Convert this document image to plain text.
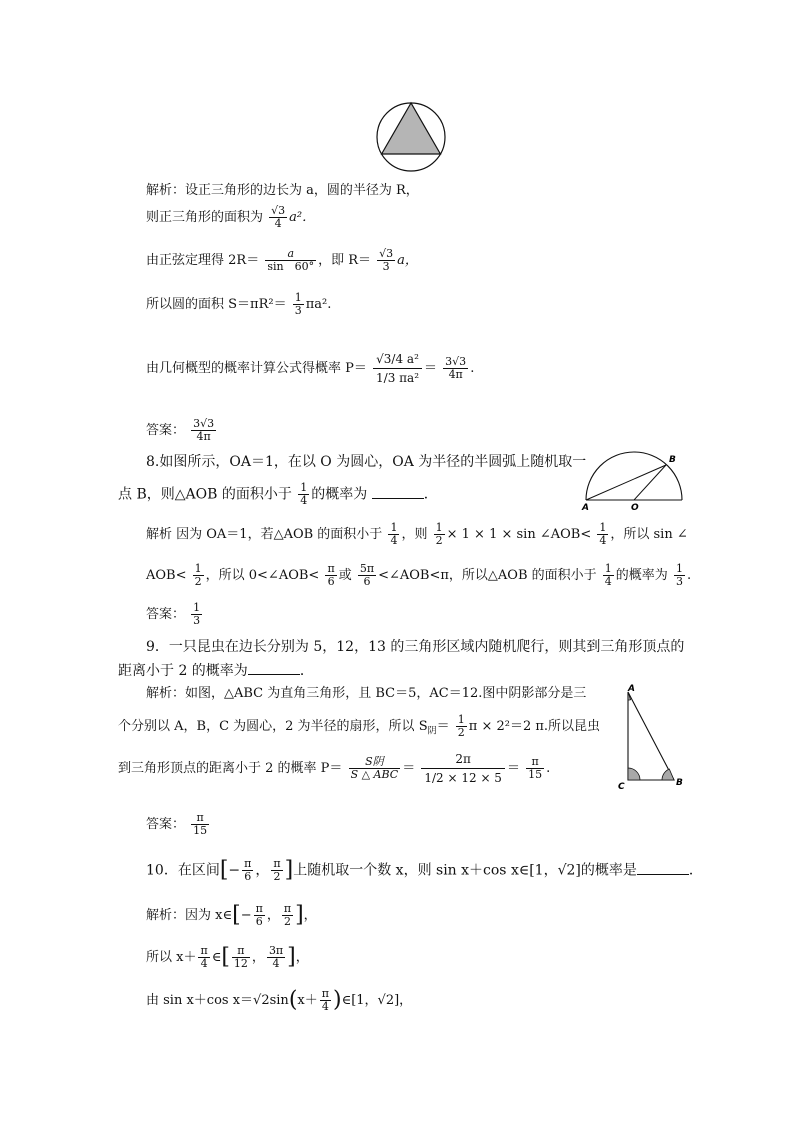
解析：设正三角形的边长为 a，圆的半径为 R，
则正三角形的面积为 $\frac{√3}{4} a^2$．
由正弦定理得 $2R= \frac{a}{\sin 60^\circ}$ ，即 $R= \frac{√3}{3}$ a，
所以圆的面积 $S=\pi R^2= \frac{1}{3} \pi a^2$.
由几何概型的概率计算公式得概率 $P= \frac{\text{√3/4 a²}}{\text{1/3 πa²}} = \frac{3√3}{4\pi}$ .
答案： $\frac{3√3}{4\pi}$
8.如图所示，OA＝1，在以 O 为圆心，OA 为半径的半圆弧上随机取一
点 B，则△AOB 的面积小于 $\frac{1}{4}$ 的概率为	．
A	O
B
解析 因为 OA＝1，若△AOB 的面积小于 $\frac{1}{4}$ ，则 $\frac{1}{2} \times 1 \times 1 \times \sin$ ∠AOB< $\frac{1}{4}$ ，所以 sin ∠
$AOB< \frac{1}{2}$ ，所以 0<∠AOB< $\frac{\pi}{6}$ 或 $\frac{5\pi}{6}$ <∠AOB<π，所以△AOB 的面积小于 $\frac{1}{4}$ 的概率为 $\frac{1}{3}$ .
答案： $\frac{1}{3}$
9．一只昆虫在边长分别为 5，12，13 的三角形区域内随机爬行，则其到三角形顶点的
距离小于 2 的概率为	．
解析：如图，△ABC 为直角三角形，且 BC＝5，AC＝12.图中阴影部分是三
个分别以 A，B，C 为圆心，2 为半径的扇形，所以 $S_阴= \frac{1}{2}$ π × 2²＝2 π.所以昆虫
到三角形顶点的距离小于 2 的概率 $P= \frac{\text{S阴}}{\text{S △ ABC}} = \frac{2\pi}{1/2 \times 12 \times 5} = \frac{\pi}{15}$ .
A
C	B
答案： $\frac{\pi}{15}$
10．在区间[− $\frac{\pi}{6}$ ， $\frac{\pi}{2}$ ]上随机取一个数 x，则 sin x＋cos x∈[1，√2]的概率是	．
解析：因为 x∈[− $\frac{\pi}{6}$ ， $\frac{\pi}{2}$ ]，
所以 $x+ \frac{\pi}{4}$ ∈[ $\frac{\pi}{12}$ ， $\frac{3\pi}{4}$ ]，
由 sin x＋cos $x=√2\sin(x+ \frac{\pi}{4}$ )∈[1，√2]，
